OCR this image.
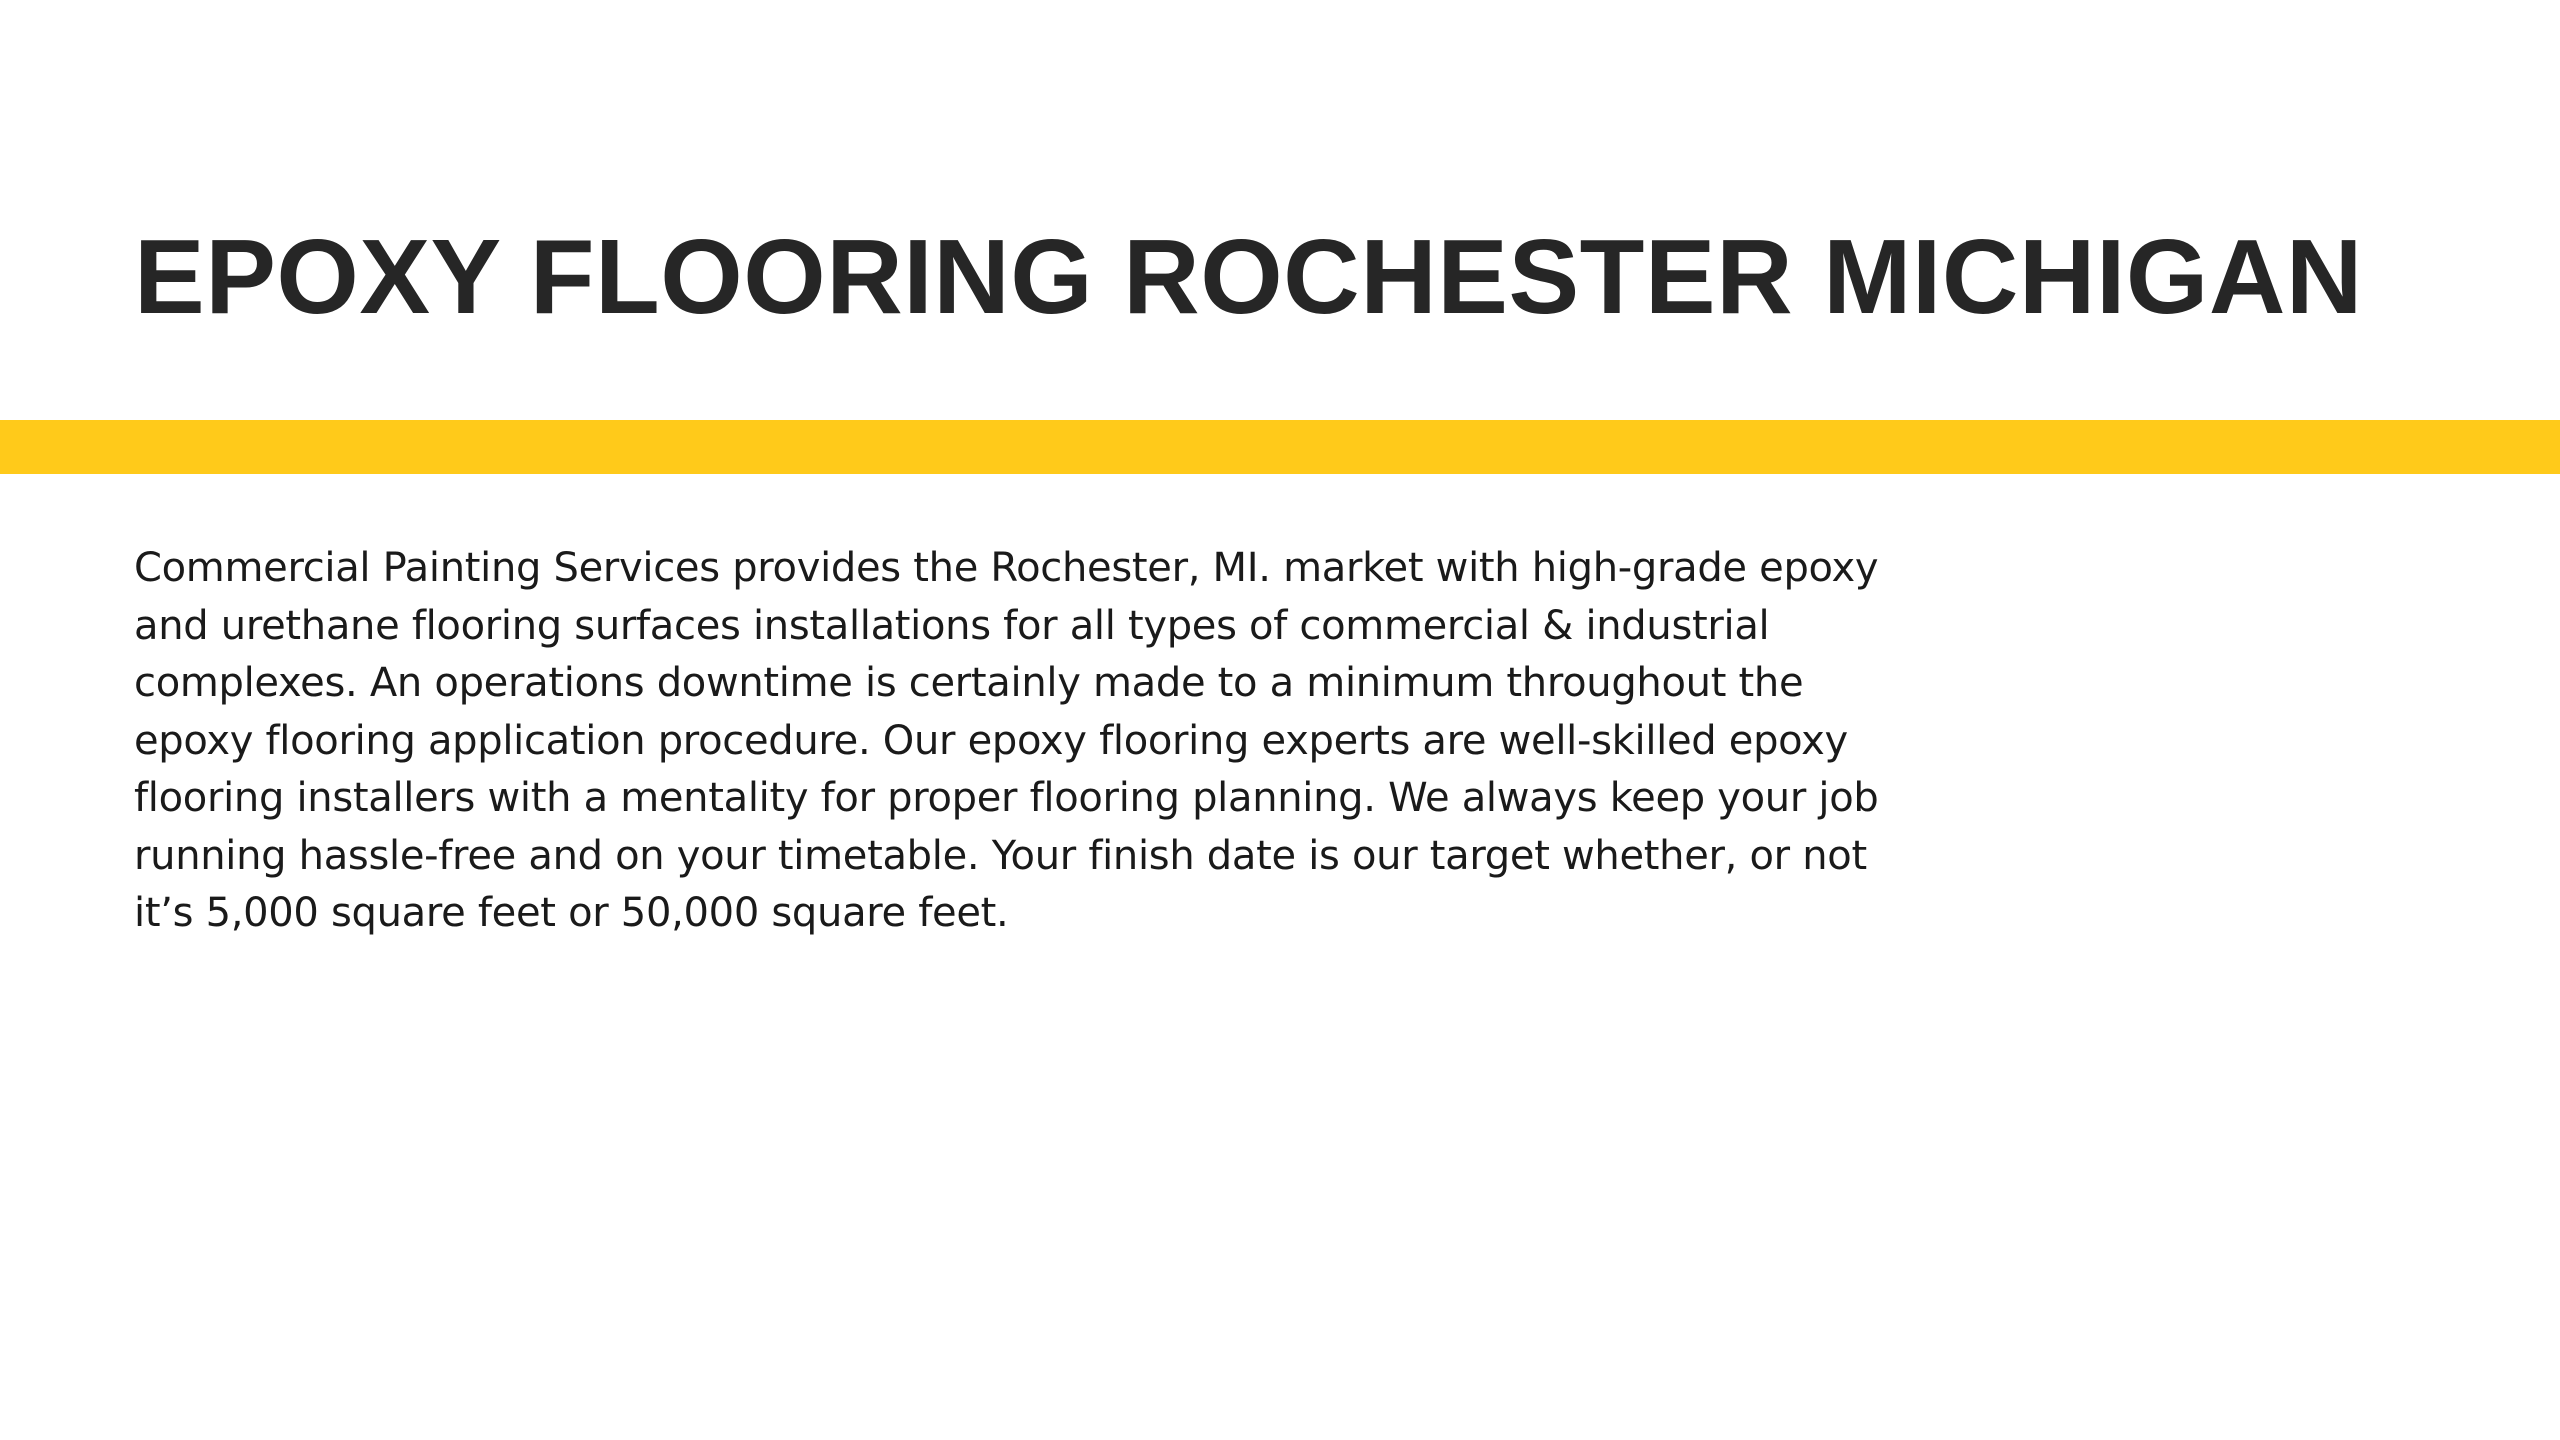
EPOXY FLOORING ROCHESTER MICHIGAN

Commercial Painting Services provides the Rochester, MI. market with high-grade epoxy and urethane flooring surfaces installations for all types of commercial & industrial complexes. An operations downtime is certainly made to a minimum throughout the epoxy flooring application procedure. Our epoxy flooring experts are well-skilled epoxy flooring installers with a mentality for proper flooring planning. We always keep your job running hassle-free and on your timetable. Your finish date is our target whether, or not it’s 5,000 square feet or 50,000 square feet.
